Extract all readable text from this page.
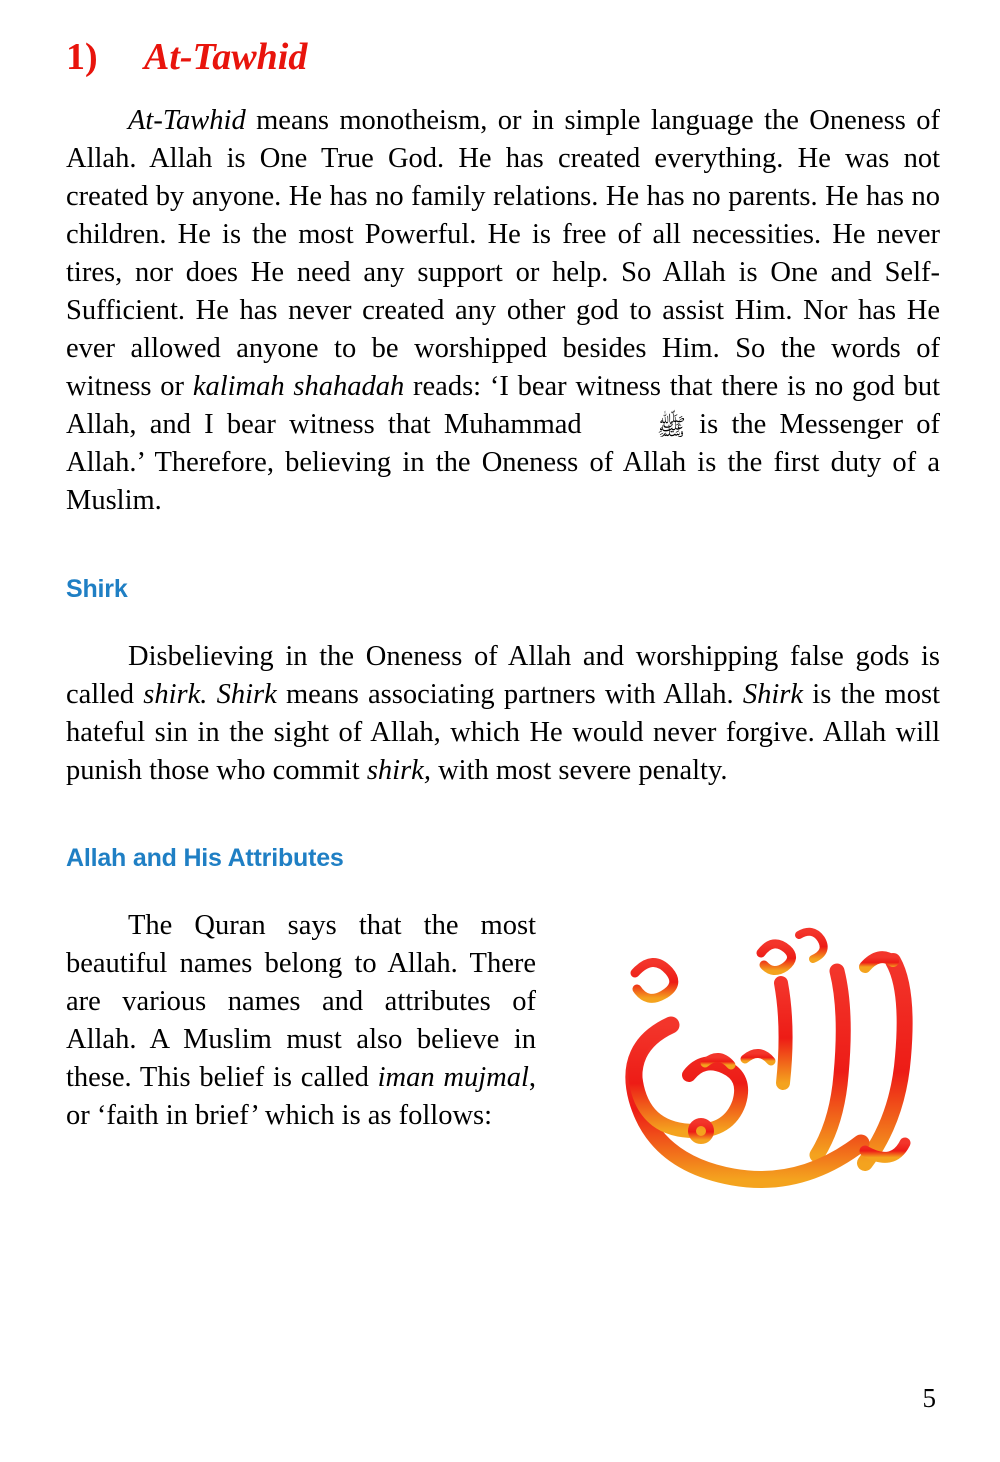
1)	At-Tawhid

At-Tawhid means monotheism, or in simple language the Oneness of Allah. Allah is One True God. He has created everything. He was not created by anyone. He has no family relations. He has no parents. He has no children. He is the most Powerful. He is free of all necessities. He never tires, nor does He need any support or help. So Allah is One and Self-Sufficient. He has never created any other god to assist Him. Nor has He ever allowed anyone to be worshipped besides Him. So the words of witness or kalimah shahadah reads: ‘I bear witness that there is no god but Allah, and I bear witness that Muhammad	ﷺ is the Messenger of Allah.’ Therefore, believing in the Oneness of Allah is the first duty of a Muslim.

Shirk

Disbelieving in the Oneness of Allah and worshipping false gods is called shirk. Shirk means associating partners with Allah. Shirk is the most hateful sin in the sight of Allah, which He would never forgive. Allah will punish those who commit shirk, with most severe penalty.

Allah and His Attributes

The Quran says that the most beautiful names belong to Allah. There are various names and attributes of Allah. A Muslim must also believe in these. This belief is called iman mujmal, or ‘faith in brief’ which is as follows:

5
